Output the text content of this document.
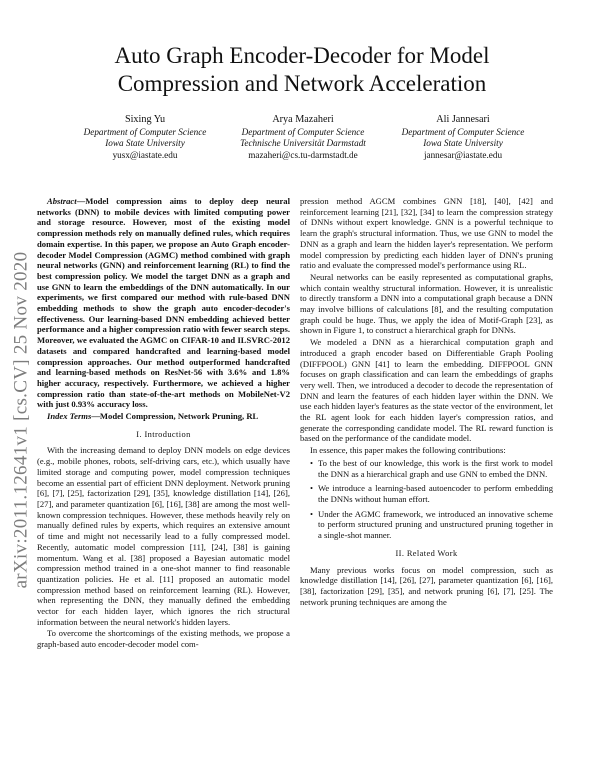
arXiv:2011.12641v1 [cs.CV] 25 Nov 2020
Auto Graph Encoder-Decoder for Model Compression and Network Acceleration
Sixing Yu
Department of Computer Science
Iowa State University
yusx@iastate.edu
Arya Mazaheri
Department of Computer Science
Technische Universität Darmstadt
mazaheri@cs.tu-darmstadt.de
Ali Jannesari
Department of Computer Science
Iowa State University
jannesar@iastate.edu

Abstract—Model compression aims to deploy deep neural networks (DNN) to mobile devices with limited computing power and storage resource. However, most of the existing model compression methods rely on manually defined rules, which requires domain expertise. In this paper, we propose an Auto Graph encoder-decoder Model Compression (AGMC) method combined with graph neural networks (GNN) and reinforcement learning (RL) to find the best compression policy. We model the target DNN as a graph and use GNN to learn the embeddings of the DNN automatically. In our experiments, we first compared our method with rule-based DNN embedding methods to show the graph auto encoder-decoder's effectiveness. Our learning-based DNN embedding achieved better performance and a higher compression ratio with fewer search steps. Moreover, we evaluated the AGMC on CIFAR-10 and ILSVRC-2012 datasets and compared handcrafted and learning-based model compression approaches. Our method outperformed handcrafted and learning-based methods on ResNet-56 with 3.6% and 1.8% higher accuracy, respectively. Furthermore, we achieved a higher compression ratio than state-of-the-art methods on MobileNet-V2 with just 0.93% accuracy loss.

Index Terms—Model Compression, Network Pruning, RL

I. Introduction

With the increasing demand to deploy DNN models on edge devices (e.g., mobile phones, robots, self-driving cars, etc.), which usually have limited storage and computing power, model compression techniques become an essential part of efficient DNN deployment. Network pruning [6], [7], [25], factorization [29], [35], knowledge distillation [14], [26], [27], and parameter quantization [6], [16], [38] are among the most well-known compression techniques. However, these methods heavily rely on manually defined rules by experts, which requires an extensive amount of time and might not necessarily lead to a fully compressed model. Recently, automatic model compression [11], [24], [38] is gaining momentum. Wang et al. [38] proposed a Bayesian automatic model compression method trained in a one-shot manner to find reasonable quantization policies. He et al. [11] proposed an automatic model compression method based on reinforcement learning (RL). However, when representing the DNN, they manually defined the embedding vector for each hidden layer, which ignores the rich structural information between the neural network's hidden layers.

To overcome the shortcomings of the existing methods, we propose a graph-based auto encoder-decoder model com-

pression method AGCM combines GNN [18], [40], [42] and reinforcement learning [21], [32], [34] to learn the compression strategy of DNNs without expert knowledge. GNN is a powerful technique to learn the graph's structural information. Thus, we use GNN to model the DNN as a graph and learn the hidden layer's representation. We perform model compression by predicting each hidden layer of DNN's pruning ratio and evaluate the compressed model's performance using RL.

Neural networks can be easily represented as computational graphs, which contain wealthy structural information. However, it is unrealistic to directly transform a DNN into a computational graph because a DNN may involve billions of calculations [8], and the resulting computation graph could be huge. Thus, we apply the idea of Motif-Graph [23], as shown in Figure 1, to construct a hierarchical graph for DNNs.

We modeled a DNN as a hierarchical computation graph and introduced a graph encoder based on Differentiable Graph Pooling (DIFFPOOL) GNN [41] to learn the embedding. DIFFPOOL GNN focuses on graph classification and can learn the embeddings of graphs very well. Then, we introduced a decoder to decode the representation of DNN and learn the features of each hidden layer within the DNN. We use each hidden layer's features as the state vector of the environment, let the RL agent look for each hidden layer's compression ratios, and generate the corresponding candidate model. The RL reward function is based on the performance of the candidate model.

In essence, this paper makes the following contributions:

• To the best of our knowledge, this work is the first work to model the DNN as a hierarchical graph and use GNN to embed the DNN.
• We introduce a learning-based autoencoder to perform embedding the DNNs without human effort.
• Under the AGMC framework, we introduced an innovative scheme to perform structured pruning and unstructured pruning together in a single-shot manner.
II. Related Work

Many previous works focus on model compression, such as knowledge distillation [14], [26], [27], parameter quantization [6], [16], [38], factorization [29], [35], and network pruning [6], [7], [25]. The network pruning techniques are among the
